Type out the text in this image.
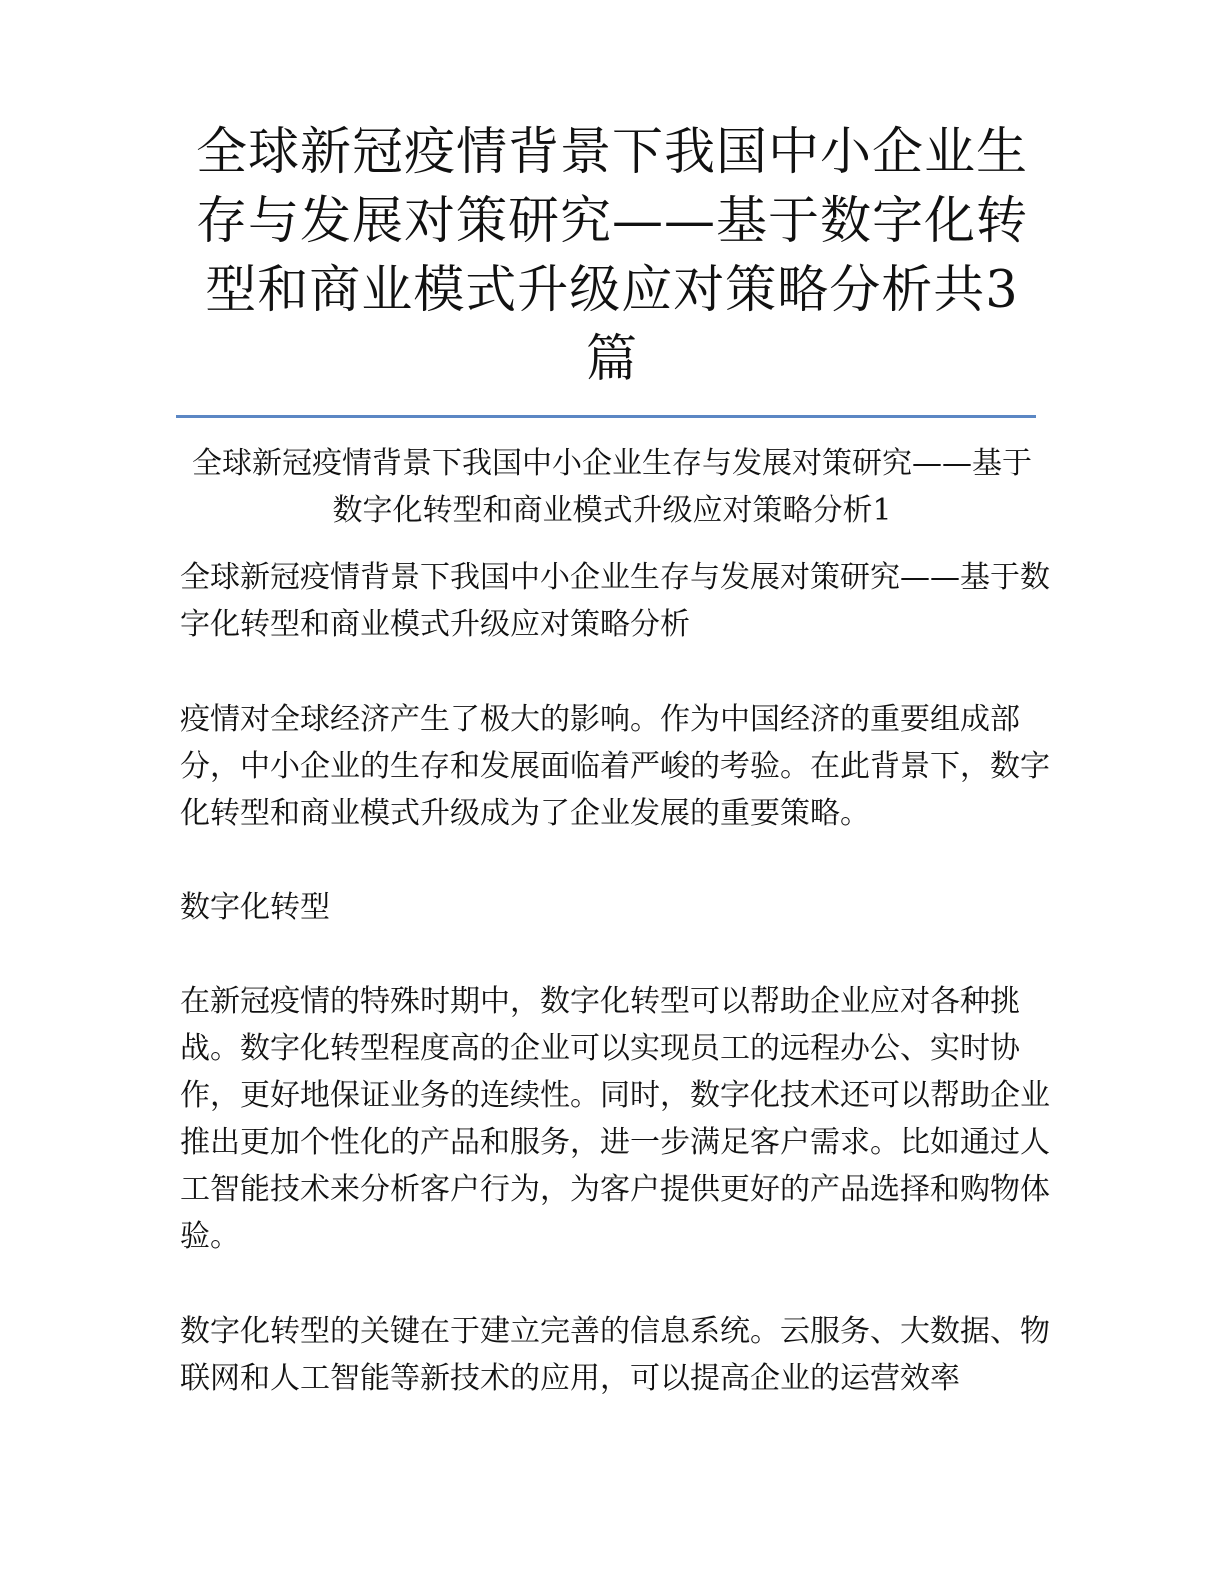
全球新冠疫情背景下我国中小企业生存与发展对策研究——基于数字化转型和商业模式升级应对策略分析共3篇
全球新冠疫情背景下我国中小企业生存与发展对策研究——基于数字化转型和商业模式升级应对策略分析1

全球新冠疫情背景下我国中小企业生存与发展对策研究——基于数字化转型和商业模式升级应对策略分析

疫情对全球经济产生了极大的影响。作为中国经济的重要组成部分，中小企业的生存和发展面临着严峻的考验。在此背景下，数字化转型和商业模式升级成为了企业发展的重要策略。

数字化转型

在新冠疫情的特殊时期中，数字化转型可以帮助企业应对各种挑战。数字化转型程度高的企业可以实现员工的远程办公、实时协作，更好地保证业务的连续性。同时，数字化技术还可以帮助企业推出更加个性化的产品和服务，进一步满足客户需求。比如通过人工智能技术来分析客户行为，为客户提供更好的产品选择和购物体验。

数字化转型的关键在于建立完善的信息系统。云服务、大数据、物联网和人工智能等新技术的应用，可以提高企业的运营效率
